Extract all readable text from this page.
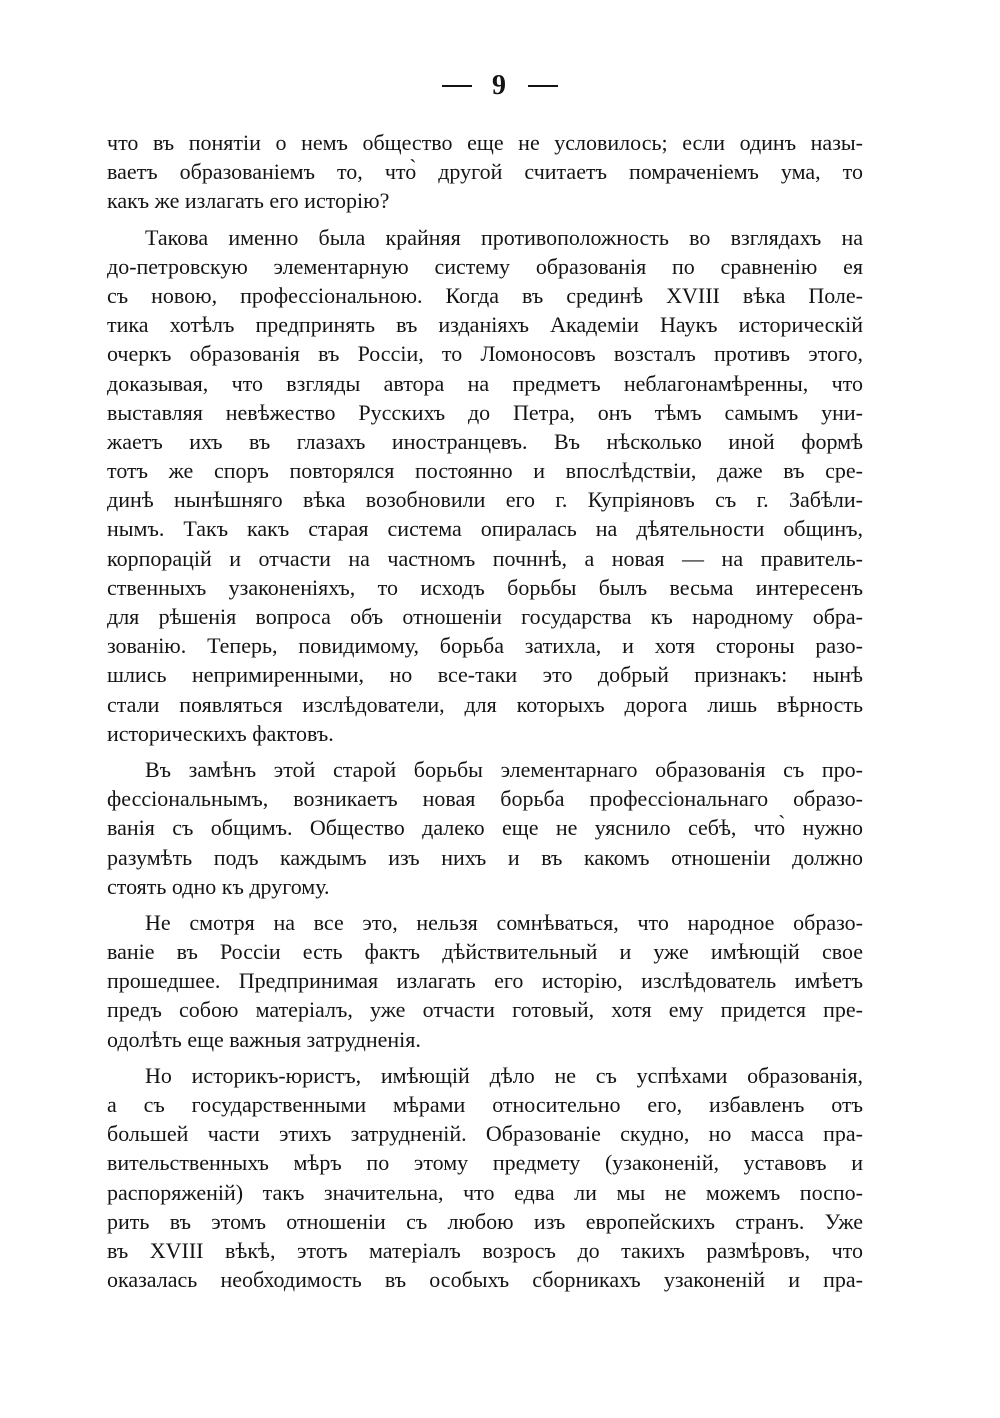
9
что въ понятіи о немъ общество еще не условилось; если одинъ назы-
ваетъ образованіемъ то, что̀ другой считаетъ помраченіемъ ума, то
какъ же излагать его исторію?
Такова именно была крайняя противоположность во взглядахъ на
до-петровскую элементарную систему образованія по сравненію ея
съ новою, профессіональною. Когда въ срединѣ XVIII вѣка Поле-
тика хотѣлъ предпринять въ изданіяхъ Академіи Наукъ историческій
очеркъ образованія въ Россіи, то Ломоносовъ возсталъ противъ этого,
доказывая, что взгляды автора на предметъ неблагонамѣренны, что
выставляя невѣжество Русскихъ до Петра, онъ тѣмъ самымъ уни-
жаетъ ихъ въ глазахъ иностранцевъ. Въ нѣсколько иной формѣ
тотъ же споръ повторялся постоянно и впослѣдствіи, даже въ сре-
динѣ нынѣшняго вѣка возобновили его г. Купріяновъ съ г. Забѣли-
нымъ. Такъ какъ старая система опиралась на дѣятельности общинъ,
корпорацій и отчасти на частномъ почннѣ, а новая — на правитель-
ственныхъ узаконеніяхъ, то исходъ борьбы былъ весьма интересенъ
для рѣшенія вопроса объ отношеніи государства къ народному обра-
зованію. Теперь, повидимому, борьба затихла, и хотя стороны разо-
шлись непримиренными, но все-таки это добрый признакъ: нынѣ
стали появляться изслѣдователи, для которыхъ дорога лишь вѣрность
историческихъ фактовъ.
Въ замѣнъ этой старой борьбы элементарнаго образованія съ про-
фессіональнымъ, возникаетъ новая борьба профессіональнаго образо-
ванія съ общимъ. Общество далеко еще не уяснило себѣ, что̀ нужно
разумѣть подъ каждымъ изъ нихъ и въ какомъ отношеніи должно
стоять одно къ другому.
Не смотря на все это, нельзя сомнѣваться, что народное образо-
ваніе въ Россіи есть фактъ дѣйствительный и уже имѣющій свое
прошедшее. Предпринимая излагать его исторію, изслѣдователь имѣетъ
предъ собою матеріалъ, уже отчасти готовый, хотя ему придется пре-
одолѣть еще важныя затрудненія.
Но историкъ-юристъ, имѣющій дѣло не съ успѣхами образованія,
а съ государственными мѣрами относительно его, избавленъ отъ
большей части этихъ затрудненій. Образованіе скудно, но масса пра-
вительственныхъ мѣръ по этому предмету (узаконеній, уставовъ и
распоряженій) такъ значительна, что едва ли мы не можемъ поспо-
рить въ этомъ отношеніи съ любою изъ европейскихъ странъ. Уже
въ XVIII вѣкѣ, этотъ матеріалъ возросъ до такихъ размѣровъ, что
оказалась необходимость въ особыхъ сборникахъ узаконеній и пра-
